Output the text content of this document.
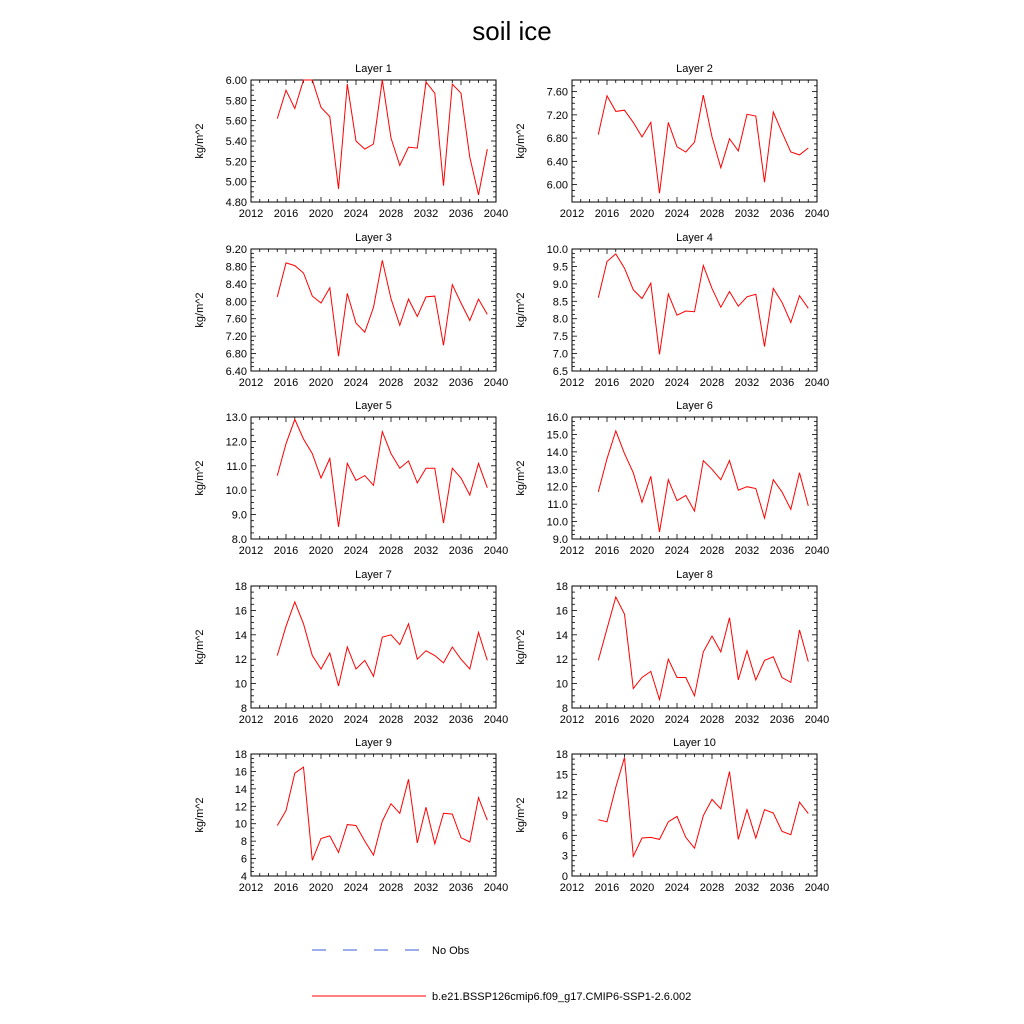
soil ice
Layer 1
2012 2016 2020 2024 2028 2032 2036 2040
4.80
5.00
5.20
5.40
5.60
5.80
6.00
kg/m^2
Layer 2
2012 2016 2020 2024 2028 2032 2036 2040
6.00
6.40
6.80
7.20
7.60
kg/m^2
Layer 3
2012 2016 2020 2024 2028 2032 2036 2040
6.40
6.80
7.20
7.60
8.00
8.40
8.80
9.20
kg/m^2
Layer 4
2012 2016 2020 2024 2028 2032 2036 2040
6.5
7.0
7.5
8.0
8.5
9.0
9.5
10.0
kg/m^2
Layer 5
2012 2016 2020 2024 2028 2032 2036 2040
8.0
9.0
10.0
11.0
12.0
13.0
kg/m^2
Layer 6
2012 2016 2020 2024 2028 2032 2036 2040
9.0
10.0
11.0
12.0
13.0
14.0
15.0
16.0
kg/m^2
Layer 7
2012 2016 2020 2024 2028 2032 2036 2040
8
10
12
14
16
18
kg/m^2
Layer 8
2012 2016 2020 2024 2028 2032 2036 2040
8
10
12
14
16
18
kg/m^2
Layer 9
2012 2016 2020 2024 2028 2032 2036 2040
4
6
8
10
12
14
16
18
kg/m^2
Layer 10
2012 2016 2020 2024 2028 2032 2036 2040
0
3
6
9
12
15
18
kg/m^2
No Obs
b.e21.BSSP126cmip6.f09_g17.CMIP6-SSP1-2.6.002
